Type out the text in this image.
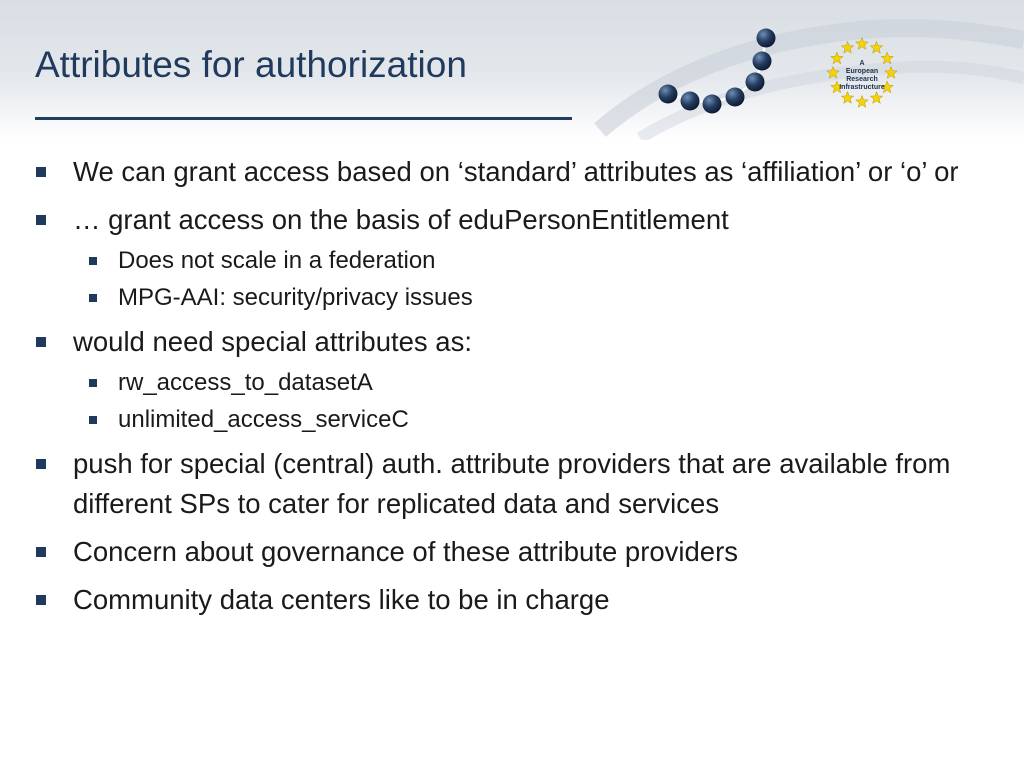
A
European
Research
Infrastructure
Attributes for authorization
We can grant access based on ‘standard’ attributes as ‘affiliation’ or ‘o’ or
… grant access on the basis of eduPersonEntitlement
Does not scale in a federation
MPG-AAI: security/privacy issues
would need special attributes as:
rw_access_to_datasetA
unlimited_access_serviceC
push for special (central) auth. attribute providers that are available from different SPs to cater for replicated data and services
Concern about governance of these attribute providers
Community data centers like to be in charge
